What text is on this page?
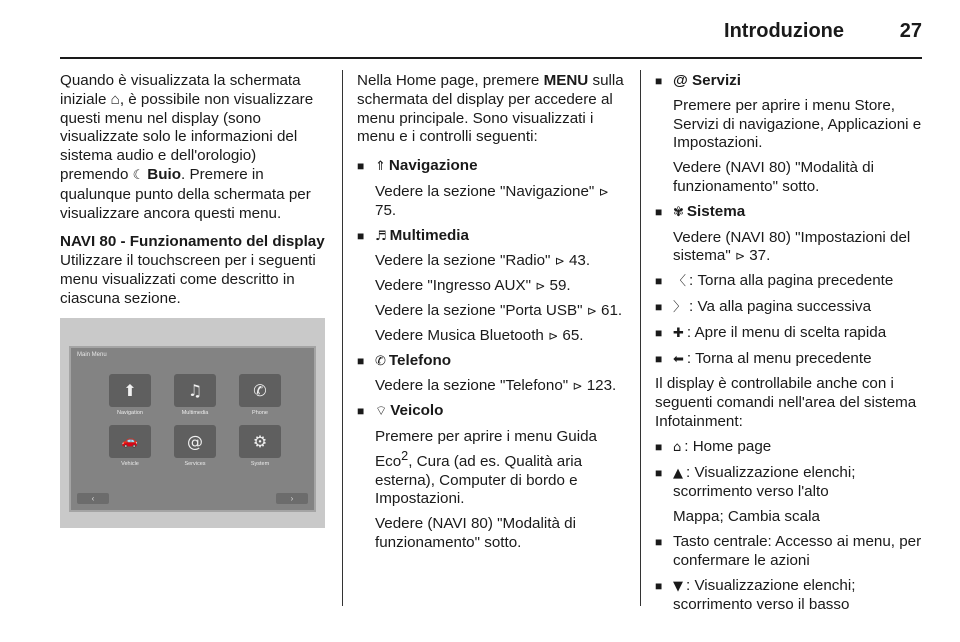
Introduzione	27

Quando è visualizzata la schermata iniziale ⌂, è possibile non visualizzare questi menu nel display (sono visualizzate solo le informazioni del sistema audio e dell'orologio) premendo ☾ Buio. Premere in qualunque punto della schermata per visualizzare ancora questi menu.

NAVI 80 - Funzionamento del display
Utilizzare il touchscreen per i seguenti menu visualizzati come descritto in ciascuna sezione.

Main Menu
⬆	♫	✆
Navigation	Multimedia	Phone
🚗	@	⚙
Vehicle	Services	System
‹	›

Nella Home page, premere MENU sulla schermata del display per accedere al menu principale. Sono visualizzati i menu e i controlli seguenti:

■ ⇑ Navigazione
Vedere la sezione "Navigazione" ⊳ 75.
■ ♬ Multimedia
Vedere la sezione "Radio" ⊳ 43.
Vedere "Ingresso AUX" ⊳ 59.
Vedere la sezione "Porta USB" ⊳ 61.
Vedere Musica Bluetooth ⊳ 65.
■ ✆ Telefono
Vedere la sezione "Telefono" ⊳ 123.
■ ⌔ Veicolo
Premere per aprire i menu Guida Eco$^2$, Cura (ad es. Qualità aria esterna), Computer di bordo e Impostazioni.
Vedere (NAVI 80) "Modalità di funzionamento" sotto.
■ @ Servizi
Premere per aprire i menu Store, Servizi di navigazione, Applicazioni e Impostazioni.
Vedere (NAVI 80) "Modalità di funzionamento" sotto.
■ ✾ Sistema
Vedere (NAVI 80) "Impostazioni del sistema" ⊳ 37.
■ 〈 : Torna alla pagina precedente
■ 〉 : Va alla pagina successiva
■ ✚ : Apre il menu di scelta rapida
■ ⬅ : Torna al menu precedente

Il display è controllabile anche con i seguenti comandi nell'area del sistema Infotainment:

■ ⌂ : Home page
■ ▲ : Visualizzazione elenchi; scorrimento verso l'alto
Mappa; Cambia scala
■ Tasto centrale: Accesso ai menu, per confermare le azioni
■ ▼ : Visualizzazione elenchi; scorrimento verso il basso
